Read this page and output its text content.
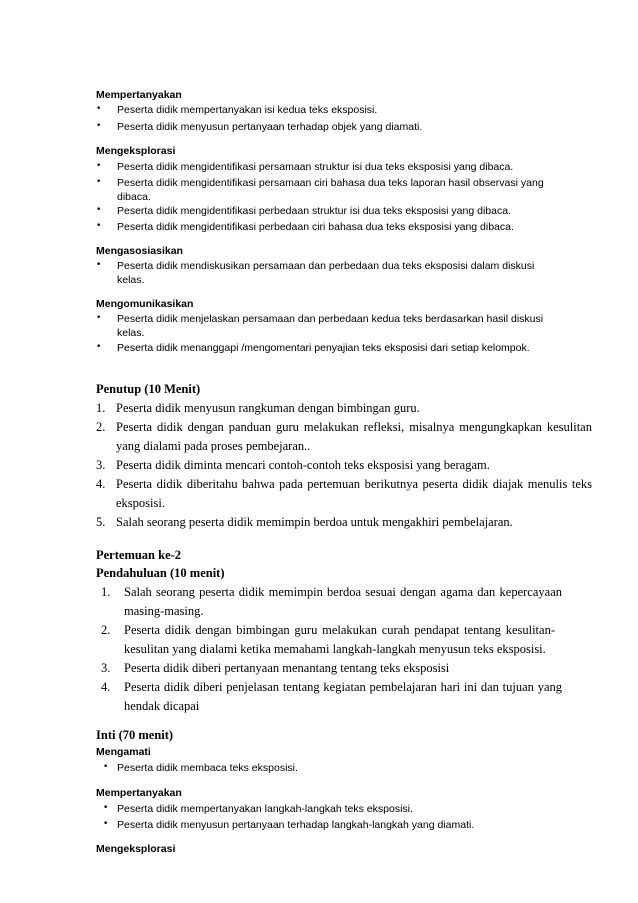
Mempertanyakan
• Peserta didik mempertanyakan isi kedua teks eksposisi.
• Peserta didik menyusun pertanyaan terhadap objek yang diamati.
Mengeksplorasi
• Peserta didik mengidentifikasi persamaan struktur isi dua teks eksposisi yang dibaca.
• Peserta didik mengidentifikasi persamaan ciri bahasa dua teks laporan hasil observasi yang
dibaca.
• Peserta didik mengidentifikasi perbedaan struktur isi dua teks eksposisi yang dibaca.
• Peserta didik mengidentifikasi perbedaan ciri bahasa dua teks eksposisi yang dibaca.
Mengasosiasikan
• Peserta didik mendiskusikan persamaan dan perbedaan dua teks eksposisi dalam diskusi
kelas.
Mengomunikasikan
• Peserta didik menjelaskan persamaan dan perbedaan kedua teks berdasarkan hasil diskusi
kelas.
• Peserta didik menanggapi /mengomentari penyajian teks eksposisi dari setiap kelompok.
Penutup (10 Menit)
1. Peserta didik menyusun rangkuman dengan bimbingan guru.
2. Peserta didik dengan panduan guru melakukan refleksi, misalnya mengungkapkan kesulitan
yang dialami pada proses pembejaran..
3. Peserta didik diminta mencari contoh-contoh teks eksposisi yang beragam.
4. Peserta didik diberitahu bahwa pada pertemuan berikutnya peserta didik diajak menulis teks
eksposisi.
5. Salah seorang peserta didik memimpin berdoa untuk mengakhiri pembelajaran.
Pertemuan ke-2
Pendahuluan (10 menit)
1. Salah seorang peserta didik memimpin berdoa sesuai dengan agama dan kepercayaan
masing-masing.
2. Peserta didik dengan bimbingan guru melakukan curah pendapat tentang kesulitan-
kesulitan yang dialami ketika memahami langkah-langkah menyusun teks eksposisi.
3. Peserta didik diberi pertanyaan menantang tentang teks eksposisi
4. Peserta didik diberi penjelasan tentang kegiatan pembelajaran hari ini dan tujuan yang
hendak dicapai
Inti (70 menit)
Mengamati
• Peserta didik membaca teks eksposisi.
Mempertanyakan
• Peserta didik mempertanyakan langkah-langkah teks eksposisi.
• Peserta didik menyusun pertanyaan terhadap langkah-langkah yang diamati.
Mengeksplorasi
